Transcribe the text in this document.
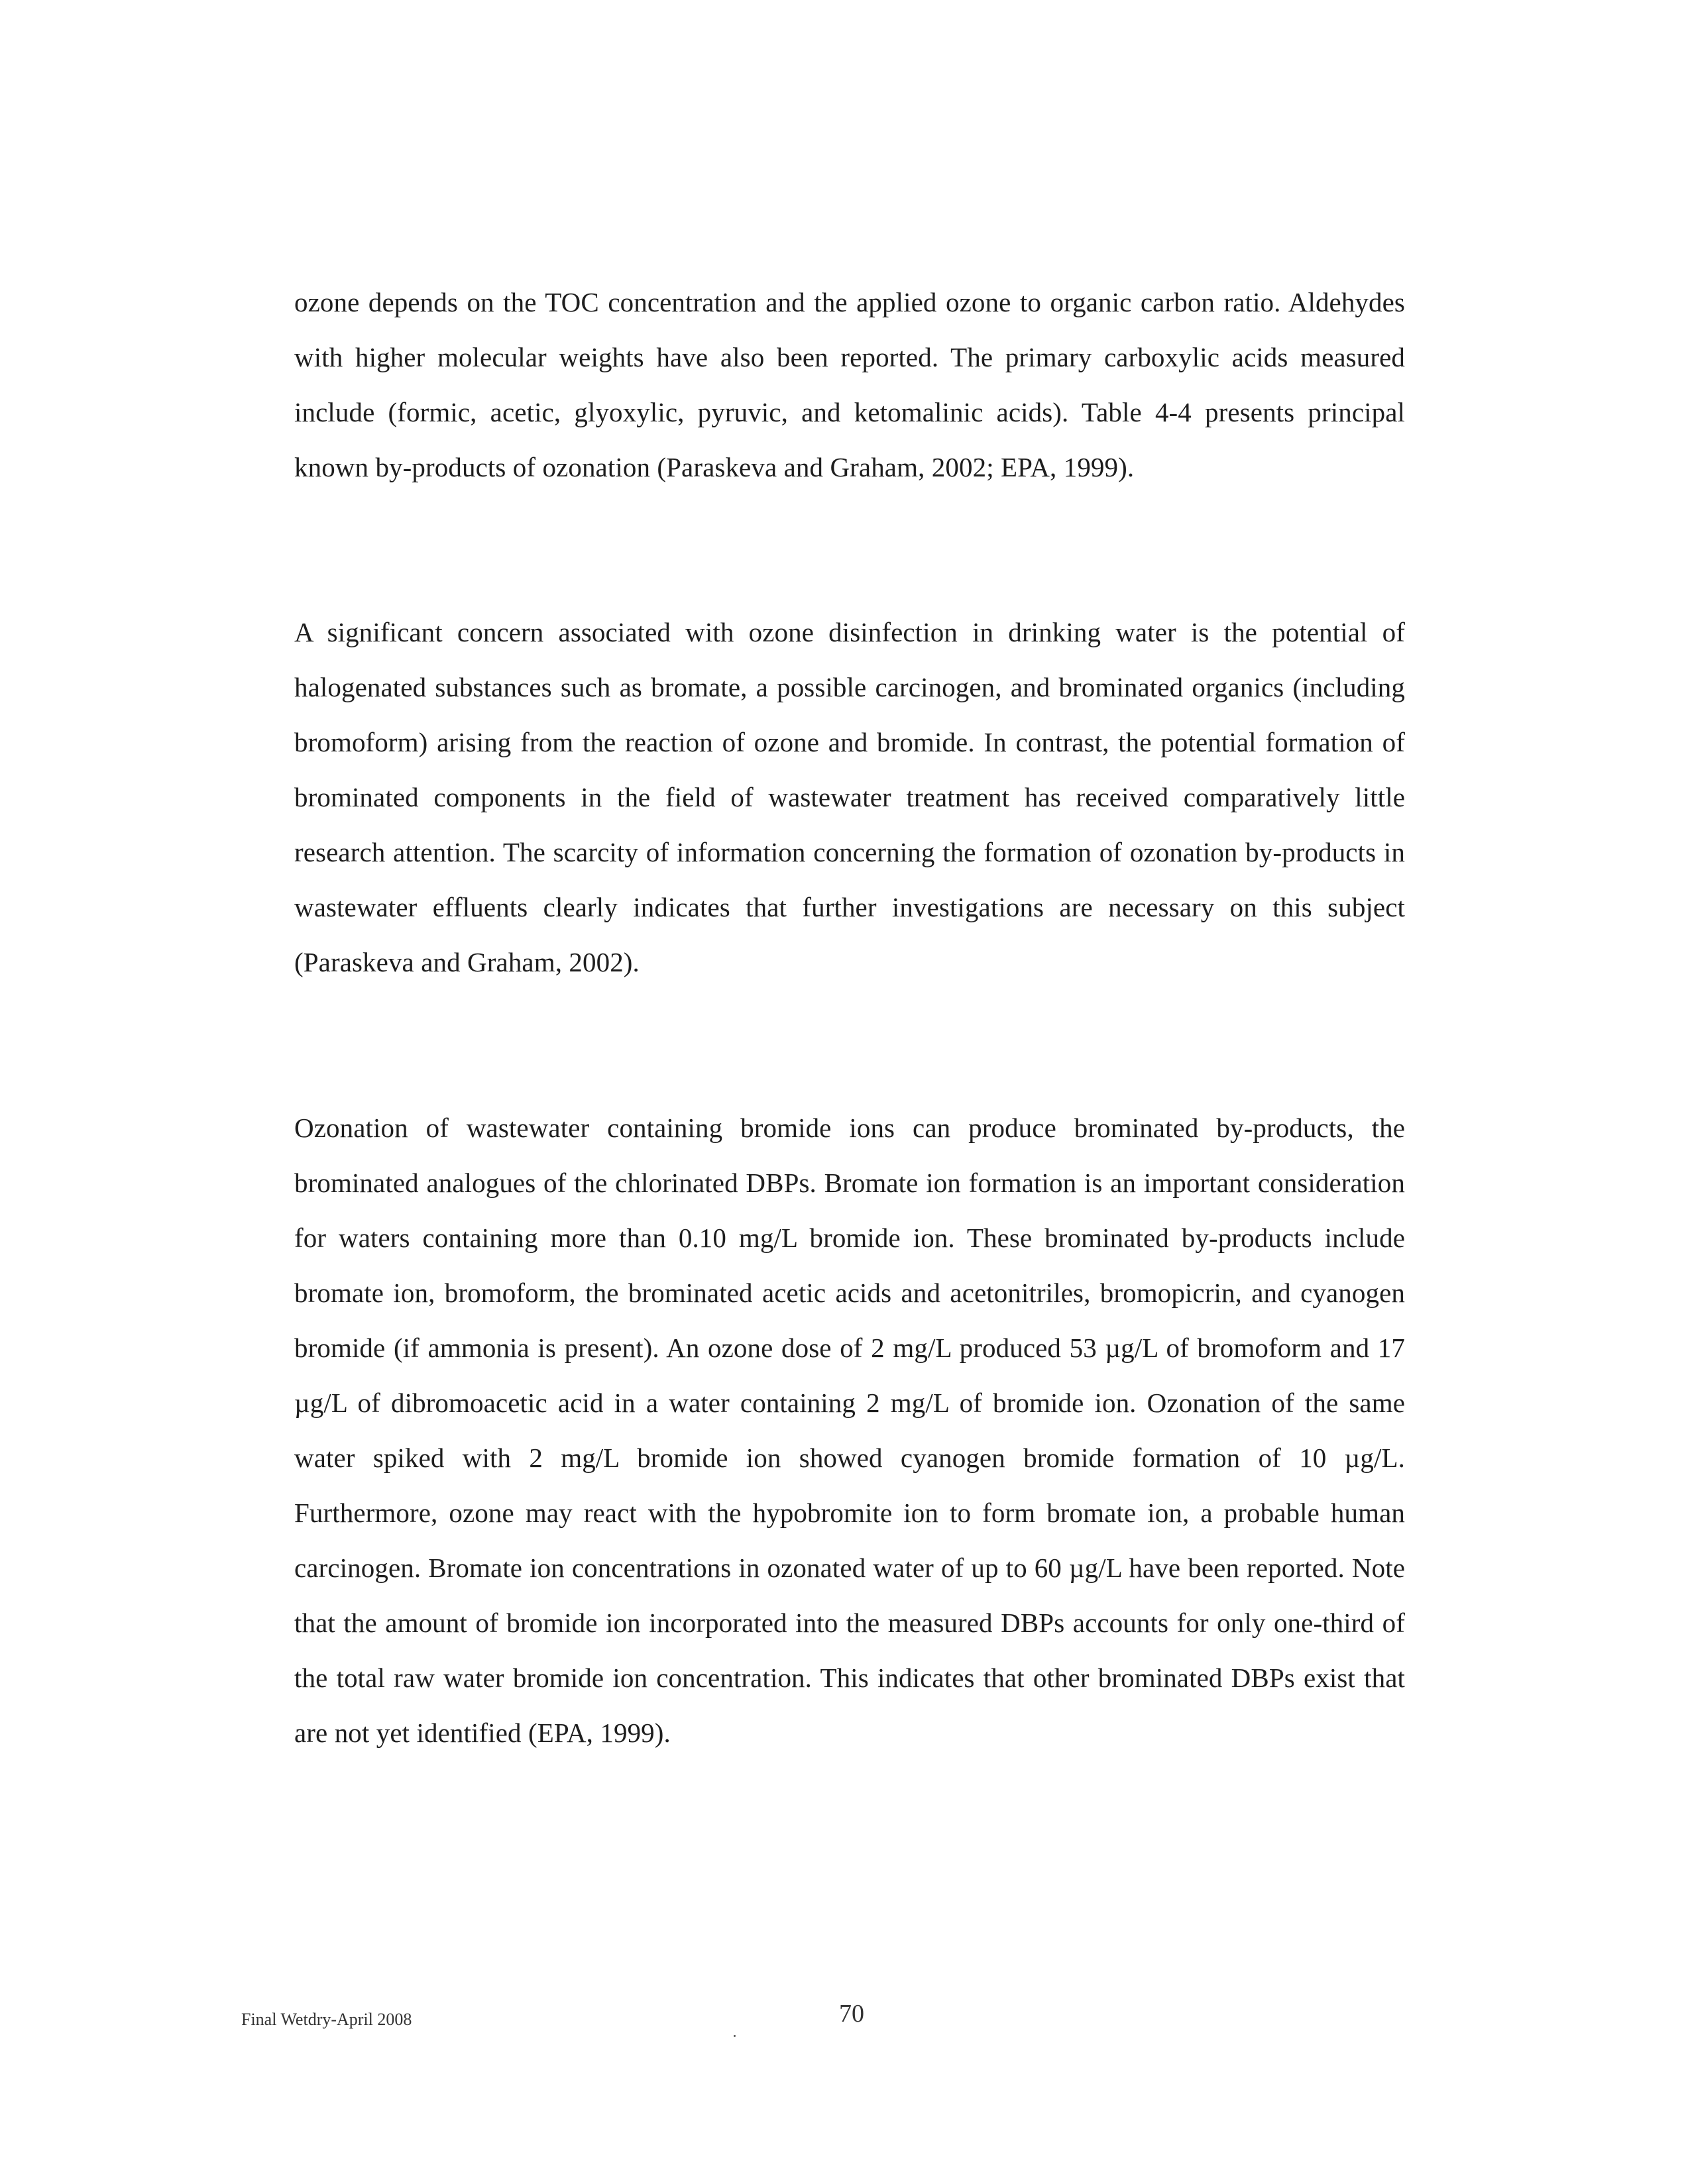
ozone depends on the TOC concentration and the applied ozone to organic carbon ratio. Aldehydes with higher molecular weights have also been reported. The primary carboxylic acids measured include (formic, acetic, glyoxylic, pyruvic, and ketomalinic acids). Table 4-4 presents principal known by-products of ozonation (Paraskeva and Graham, 2002; EPA, 1999).

A significant concern associated with ozone disinfection in drinking water is the potential of halogenated substances such as bromate, a possible carcinogen, and brominated organics (including bromoform) arising from the reaction of ozone and bromide. In contrast, the potential formation of brominated components in the field of wastewater treatment has received comparatively little research attention. The scarcity of information concerning the formation of ozonation by-products in wastewater effluents clearly indicates that further investigations are necessary on this subject (Paraskeva and Graham, 2002).

Ozonation of wastewater containing bromide ions can produce brominated by-products, the brominated analogues of the chlorinated DBPs. Bromate ion formation is an important consideration for waters containing more than 0.10 mg/L bromide ion. These brominated by-products include bromate ion, bromoform, the brominated acetic acids and acetonitriles, bromopicrin, and cyanogen bromide (if ammonia is present). An ozone dose of 2 mg/L produced 53 µg/L of bromoform and 17 µg/L of dibromoacetic acid in a water containing 2 mg/L of bromide ion. Ozonation of the same water spiked with 2 mg/L bromide ion showed cyanogen bromide formation of 10 µg/L. Furthermore, ozone may react with the hypobromite ion to form bromate ion, a probable human carcinogen. Bromate ion concentrations in ozonated water of up to 60 µg/L have been reported. Note that the amount of bromide ion incorporated into the measured DBPs accounts for only one-third of the total raw water bromide ion concentration. This indicates that other brominated DBPs exist that are not yet identified (EPA, 1999).

Final Wetdry-April 2008	70
